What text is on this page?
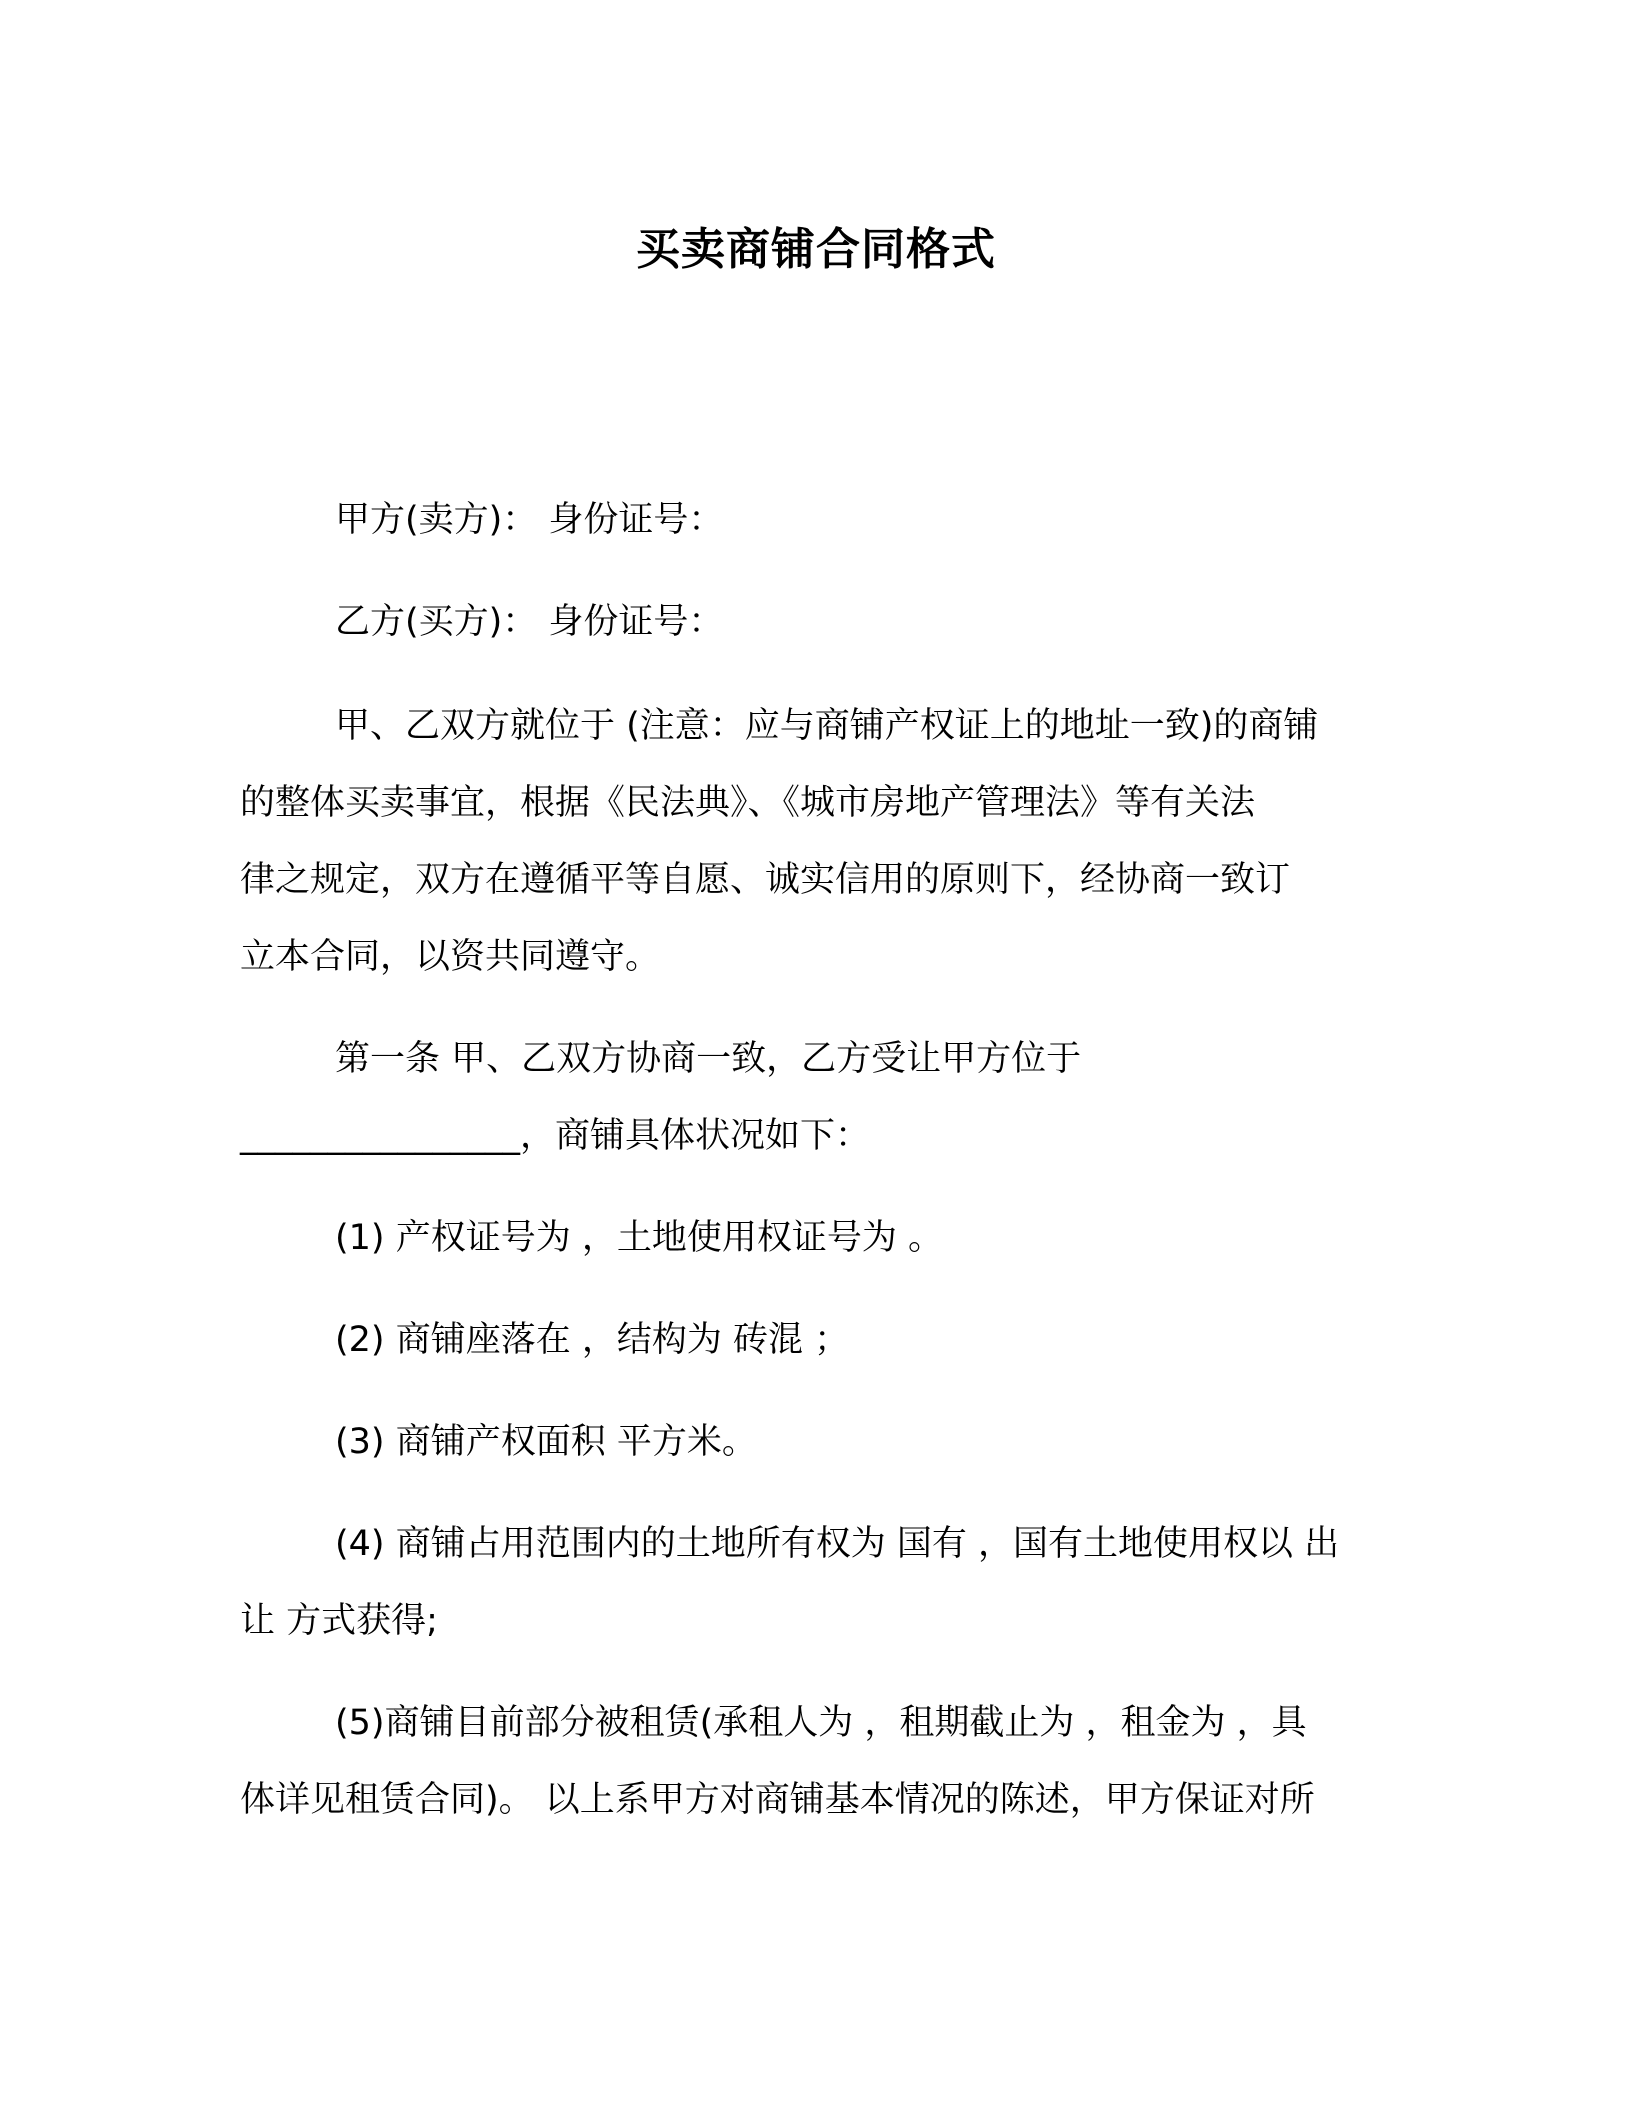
买卖商铺合同格式
甲方(卖方)： 身份证号：
乙方(买方)： 身份证号：
甲、乙双方就位于 (注意：应与商铺产权证上的地址一致)的商铺
的整体买卖事宜，根据《民法典》、《城市房地产管理法》等有关法
律之规定，双方在遵循平等自愿、诚实信用的原则下，经协商一致订
立本合同，以资共同遵守。
第一条 甲、乙双方协商一致，乙方受让甲方位于
________________，商铺具体状况如下：
(1) 产权证号为 ，土地使用权证号为 。
(2) 商铺座落在 ，结构为 砖混 ；
(3) 商铺产权面积 平方米。
(4) 商铺占用范围内的土地所有权为 国有 ，国有土地使用权以 出
让 方式获得;
(5)商铺目前部分被租赁(承租人为 ，租期截止为 ，租金为 ，具
体详见租赁合同)。 以上系甲方对商铺基本情况的陈述，甲方保证对所
